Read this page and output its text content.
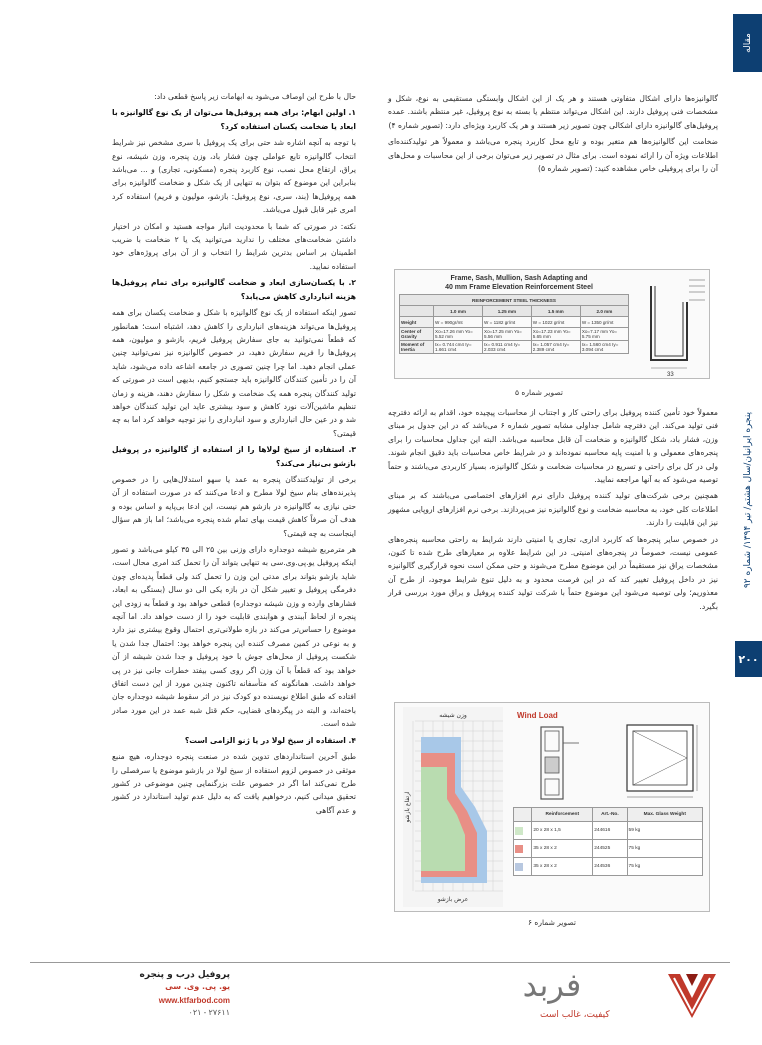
مقاله
پنجره ایرانیان/سال هشتم/ تیر ۱۳۹۴/ شماره ۹۲
۲۰۰

حال با طرح این اوصاف می‌شود به ابهامات زیر پاسخ قطعی داد:

۱. اولین ابهام: برای همه پروفیل‌ها می‌توان از یک نوع گالوانیزه با ابعاد یا ضخامت یکسان استفاده کرد؟

با توجه به آنچه اشاره شد حتی برای یک پروفیل با سری مشخص نیز شرایط انتخاب گالوانیزه تابع عواملی چون فشار باد، وزن پنجره، وزن شیشه، نوع یراق، ارتفاع محل نصب، نوع کاربرد پنجره (مسکونی، تجاری) و ... می‌باشد بنابراین این موضوع که بتوان به تنهایی از یک شکل و ضخامت گالوانیزه برای همه پروفیل‌ها (بند، سری، نوع پروفیل: بازشو، مولیون و فریم) استفاده کرد امری غیر قابل قبول می‌باشد.

نکته: در صورتی که شما با محدودیت انبار مواجه هستید و امکان در اختیار داشتن ضخامت‌های مختلف را ندارید می‌توانید یک یا ۲ ضخامت با ضریب اطمینان بر اساس بدترین شرایط را انتخاب و از آن برای پروژه‌های خود استفاده نمایید.

۲. با یکسان‌سازی ابعاد و ضخامت گالوانیزه برای تمام پروفیل‌ها هزینه انبارداری کاهش می‌یابد؟

تصور اینکه استفاده از یک نوع گالوانیزه با شکل و ضخامت یکسان برای همه پروفیل‌ها می‌تواند هزینه‌های انبارداری را کاهش دهد، اشتباه است؛ همانطور که قطعاً نمی‌توانید به جای سفارش پروفیل فریم، بازشو و مولیون، همه پروفیل‌ها را فریم سفارش دهید، در خصوص گالوانیزه نیز نمی‌توانید چنین عملی انجام دهید. اما چرا چنین تصوری در جامعه اشاعه داده می‌شود، شاید آن را در تأمین کنندگان گالوانیزه باید جستجو کنیم، بدیهی است در صورتی که تولید کنندگان پنجره همه یک ضخامت و شکل را سفارش دهند، هزینه و زمان تنظیم ماشین‌آلات نورد کاهش و سود بیشتری عاید این تولید کنندگان خواهد شد و در عین حال انبارداری و سود انبارداری را نیز توجیه خواهد کرد اما به چه قیمتی؟

۳. استفاده از سیخ لولاها را از استفاده از گالوانیزه در پروفیل بازشو بی‌نیاز می‌کند؟

برخی از تولیدکنندگان پنجره به عمد یا سهو استدلال‌هایی را در خصوص پذیرنده‌های بنام سیخ لولا مطرح و ادعا می‌کنند که در صورت استفاده از آن حتی نیازی به گالوانیزه در بازشو هم نیست، این ادعا بی‌پایه و اساس بوده و هدف آن صرفاً کاهش قیمت بهای تمام شده پنجره می‌باشد؛ اما باز هم سؤال اینجاست به چه قیمتی؟

هر مترمربع شیشه دوجداره دارای وزنی بین ۲۵ الی ۳۵ کیلو می‌باشد و تصور اینکه پروفیل یو.پی.وی.سی به تنهایی بتواند آن را تحمل کند امری محال است، شاید بازشو بتواند برای مدتی این وزن را تحمل کند ولی قطعاً پدیده‌ای چون دفرمگی پروفیل و تغییر شکل آن در بازه یکی الی دو سال (بستگی به ابعاد، فشارهای وارده و وزن شیشه دوجداره) قطعی خواهد بود و قطعاً به زودی این پنجره از لحاظ آببندی و هوابندی قابلیت خود را از دست خواهد داد. اما آنچه موضوع را حساس‌تر می‌کند در بازه طولانی‌تری احتمال وقوع بیشتری نیز دارد و به نوعی در کمین مصرف کننده این پنجره خواهد بود: احتمال جدا شدن یا شکست پروفیل از محل‌های جوش با خود پروفیل و جدا شدن شیشه از آن خواهد بود که قطعاً با آن وزن اگر روی کسی بیفتد خطرات جانی نیز در پی خواهد داشت. همانگونه که متأسفانه تاکنون چندین مورد از این دست اتفاق افتاده که طبق اطلاع نویسنده دو کودک نیز در اثر سقوط شیشه دوجداره جان باخته‌اند، و البته در پیگردهای قضایی، حکم قتل شبه عمد در این مورد صادر شده است.

۴. استفاده از سیخ لولا در یا ژنو الزامی است؟

طبق آخرین استانداردهای تدوین شده در صنعت پنجره دوجداره، هیچ منبع موثقی در خصوص لزوم استفاده از سیخ لولا در بازشو موضوع یا سرفصلی را طرح نمی‌کند اما اگر در خصوص علت بزرگنمایی چنین موضوعی در کشور تحقیق میدانی کنیم، درخواهیم یافت که به دلیل عدم تولید استاندارد در کشور و عدم آگاهی

گالوانیزه‌ها دارای اشکال متفاوتی هستند و هر یک از این اشکال وابستگی مستقیمی به نوع، شکل و مشخصات فنی پروفیل دارند. این اشکال می‌تواند منتظم یا بسته به نوع پروفیل، غیر منتظم باشند. عمده پروفیل‌های گالوانیزه دارای اشکالی چون تصویر زیر هستند و هر یک کاربرد ویژه‌ای دارد: (تصویر شماره ۴)

ضخامت این گالوانیزه‌ها هم متغیر بوده و تابع محل کاربرد پنجره می‌باشد و معمولاً هر تولیدکننده‌ای اطلاعات ویژه آن را ارائه نموده است. برای مثال در تصویر زیر می‌توان برخی از این محاسبات و محل‌های آن را برای پروفیلی خاص مشاهده کنید: (تصویر شماره ۵)

Frame, Sash, Mullion, Sash Adapting and
40 mm Frame Elevation Reinforcement Steel
REINFORCEMENT STEEL THICKNESS				
	1.0 mm	1.25 mm	1.5 mm	2.0 mm
Weight	W = 990gr/mt	W = 1182 gr/mt	W = 1022 gr/mt	W = 1350 gr/mt
Center of Gravity	Xo=17.26 mm Yo= 5.52 mm	Xo=17.25 mm Yo= 5.56 mm	Xo=17.23 mm Yo= 5.65 mm	Xo=7.17 mm Yo= 5.75 mm
Moment of Inertia	Ix= 0.744 cm4 Iy= 1.661 cm4	Ix= 0.911 cm4 Iy= 2.033 cm4	Ix= 1.057 cm4 Iy= 2.389 cm4	Ix= 1.560 cm4 Iy= 3.094 cm4
33
تصویر شماره ۵

معمولاً خود تأمین کننده پروفیل برای راحتی کار و اجتناب از محاسبات پیچیده خود، اقدام به ارائه دفترچه فنی تولید می‌کند. این دفترچه شامل جداولی مشابه تصویر شماره ۶ می‌باشد که در این جدول بر مبنای وزن، فشار باد، شکل گالوانیزه و ضخامت آن قابل محاسبه می‌باشد. البته این جداول محاسبات را برای پنجره‌های معمولی و با امنیت پایه محاسبه نموده‌اند و در شرایط خاص محاسبات باید دقیق انجام شوند. ولی در کل برای راحتی و تسریع در محاسبات ضخامت و شکل گالوانیزه، بسیار کاربردی می‌باشند و حتماً توصیه می‌شود که به آنها مراجعه نمایید.

همچنین برخی شرکت‌های تولید کننده پروفیل دارای نرم افزارهای اختصاصی می‌باشند که بر مبنای اطلاعات کلی خود، به محاسبه ضخامت و نوع گالوانیزه نیز می‌پردازند. برخی نرم افزارهای اروپایی مشهور نیز این قابلیت را دارند.

در خصوص سایر پنجره‌ها که کاربرد اداری، تجاری یا امنیتی دارند شرایط به راحتی محاسبه پنجره‌های عمومی نیست، خصوصاً در پنجره‌های امنیتی. در این شرایط علاوه بر معیارهای طرح شده تا کنون، مشخصات یراق نیز مستقیماً در این موضوع مطرح می‌شوند و حتی ممکن است نحوه قرارگیری گالوانیزه نیز در داخل پروفیل تغییر کند که در این فرصت محدود و به دلیل تنوع شرایط موجود، از طرح آن معذوریم؛ ولی توصیه می‌شود این موضوع حتماً با شرکت تولید کننده پروفیل و یراق مورد بررسی قرار بگیرد.

وزن شیشه
ارتفاع بازشو
عرض بازشو
Wind Load
	Reinforcement	Art.-No.	Max. Glass Weight
	20 x 28 x 1,5	244616	59 kg
	35 x 28 x 2	244525	75 kg
	35 x 28 x 2	244536	75 kg
تصویر شماره ۶
پروفیل درب و پنجره
یو. پی. وی. سی
www.ktfarbod.com
۰۲۱ - ۲۷۶۱۱
فربد
کیفیت، غالب است
